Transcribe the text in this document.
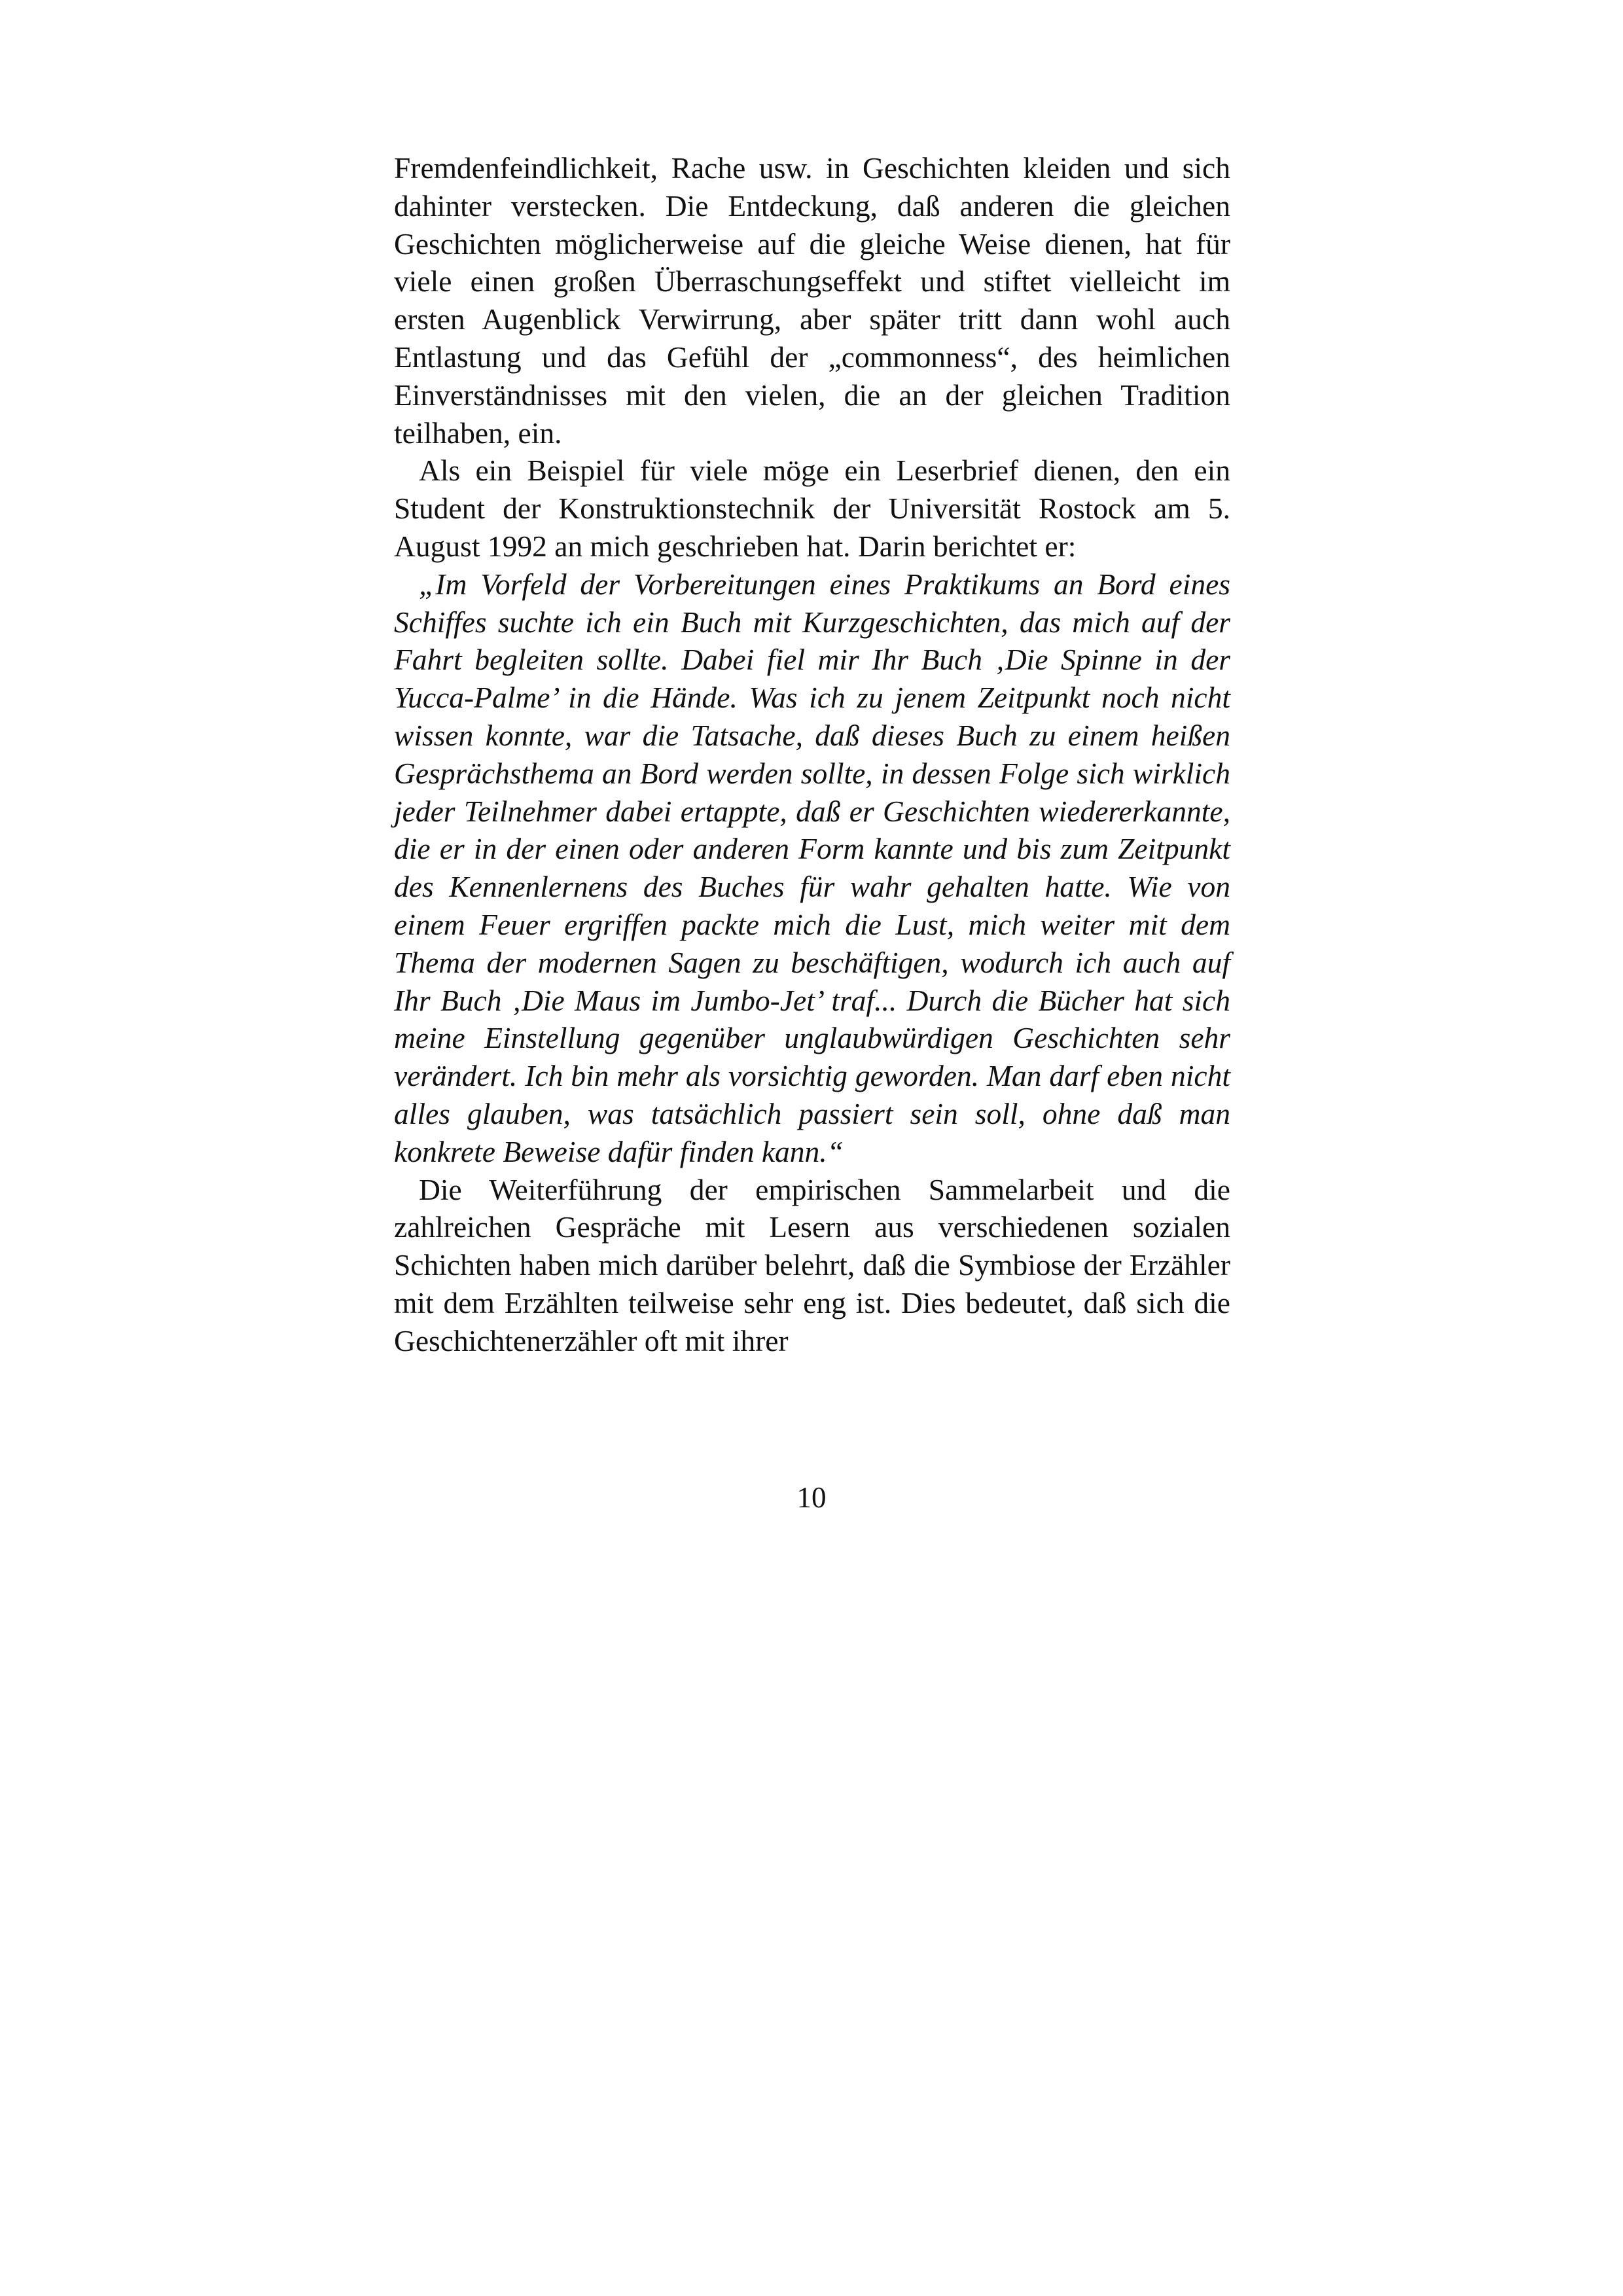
Fremdenfeindlichkeit, Rache usw. in Geschichten kleiden und sich dahinter verstecken. Die Entdeckung, daß anderen die gleichen Geschichten möglicherweise auf die gleiche Weise dienen, hat für viele einen großen Überraschungseffekt und stiftet vielleicht im ersten Augenblick Verwirrung, aber später tritt dann wohl auch Entlastung und das Gefühl der „commonness“, des heimlichen Einverständnisses mit den vielen, die an der gleichen Tradition teilhaben, ein.

Als ein Beispiel für viele möge ein Leserbrief dienen, den ein Student der Konstruktionstechnik der Universität Rostock am 5. August 1992 an mich geschrieben hat. Darin berichtet er:

„Im Vorfeld der Vorbereitungen eines Praktikums an Bord eines Schiffes suchte ich ein Buch mit Kurzgeschichten, das mich auf der Fahrt begleiten sollte. Dabei fiel mir Ihr Buch ‚Die Spinne in der Yucca-Palme’ in die Hände. Was ich zu jenem Zeitpunkt noch nicht wissen konnte, war die Tatsache, daß dieses Buch zu einem heißen Gesprächsthema an Bord werden sollte, in dessen Folge sich wirklich jeder Teilnehmer dabei ertappte, daß er Geschichten wiedererkannte, die er in der einen oder anderen Form kannte und bis zum Zeitpunkt des Kennenlernens des Buches für wahr gehalten hatte. Wie von einem Feuer ergriffen packte mich die Lust, mich weiter mit dem Thema der modernen Sagen zu beschäftigen, wodurch ich auch auf Ihr Buch ‚Die Maus im Jumbo-Jet’ traf... Durch die Bücher hat sich meine Einstellung gegenüber unglaubwürdigen Geschichten sehr verändert. Ich bin mehr als vorsichtig geworden. Man darf eben nicht alles glauben, was tatsächlich passiert sein soll, ohne daß man konkrete Beweise dafür finden kann.“

Die Weiterführung der empirischen Sammelarbeit und die zahlreichen Gespräche mit Lesern aus verschiedenen sozialen Schichten haben mich darüber belehrt, daß die Symbiose der Erzähler mit dem Erzählten teilweise sehr eng ist. Dies bedeutet, daß sich die Geschichtenerzähler oft mit ihrer

10
